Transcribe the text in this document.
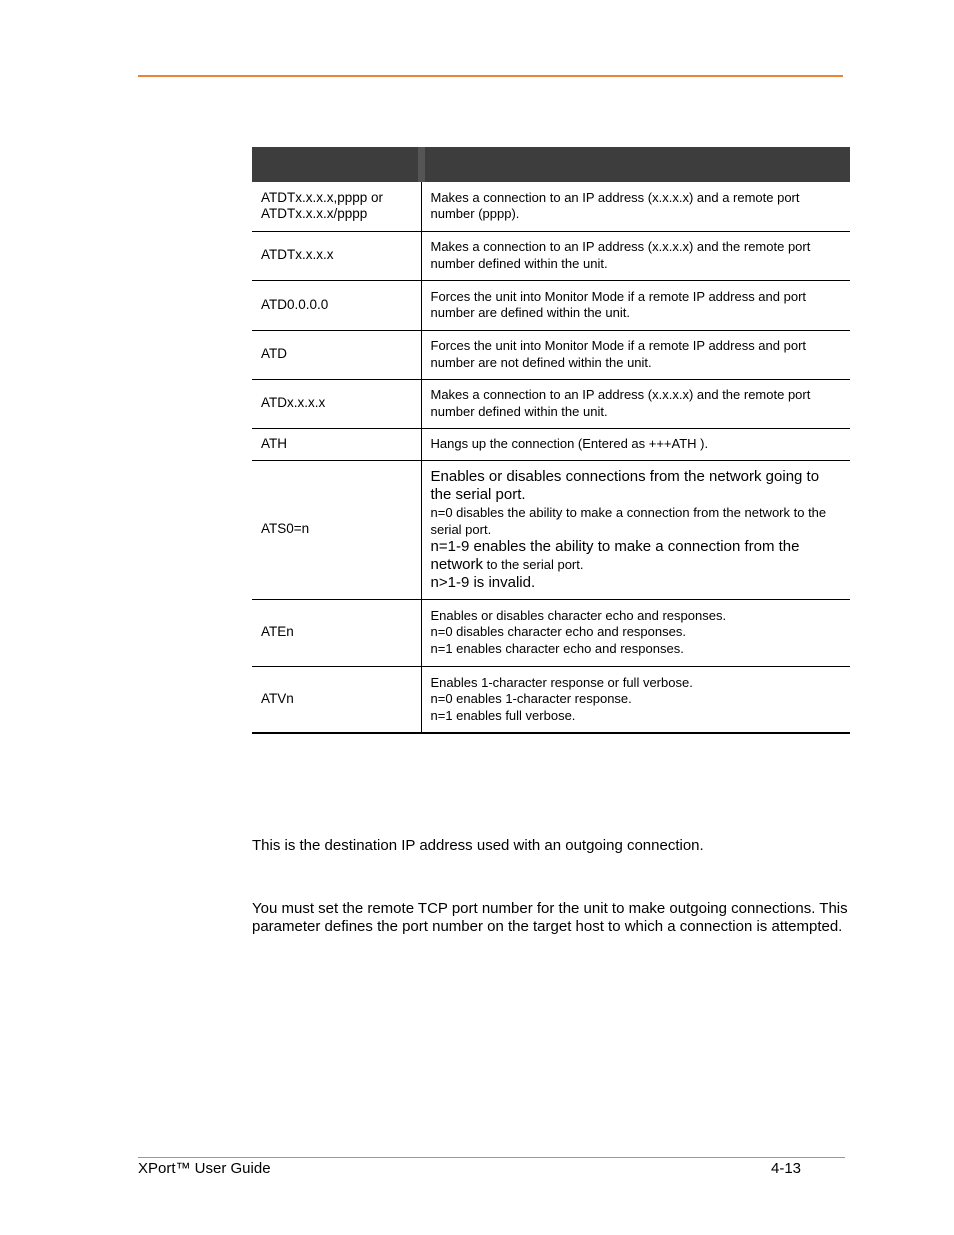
ATDTx.x.x.x,pppp or ATDTx.x.x.x/pppp	Makes a connection to an IP address (x.x.x.x) and a remote port number (pppp).
ATDTx.x.x.x	Makes a connection to an IP address (x.x.x.x) and the remote port number defined within the unit.
ATD0.0.0.0	Forces the unit into Monitor Mode if a remote IP address and port number are defined within the unit.
ATD	Forces the unit into Monitor Mode if a remote IP address and port number are not defined within the unit.
ATDx.x.x.x	Makes a connection to an IP address (x.x.x.x) and the remote port number defined within the unit.
ATH	Hangs up the connection (Entered as +++ATH ).
ATS0=n	Enables or disables connections from the network going to the serial port.
n=0 disables the ability to make a connection from the network to the serial port.
n=1-9 enables the ability to make a connection from the network to the serial port.
n>1-9 is invalid.

ATEn	Enables or disables character echo and responses.
n=0 disables character echo and responses.
n=1 enables character echo and responses.

ATVn	Enables 1-character response or full verbose.
n=0 enables 1-character response.
n=1 enables full verbose.
This is the destination IP address used with an outgoing connection.
You must set the remote TCP port number for the unit to make outgoing connections. This parameter defines the port number on the target host to which a connection is attempted.
XPort™ User Guide	4-13
